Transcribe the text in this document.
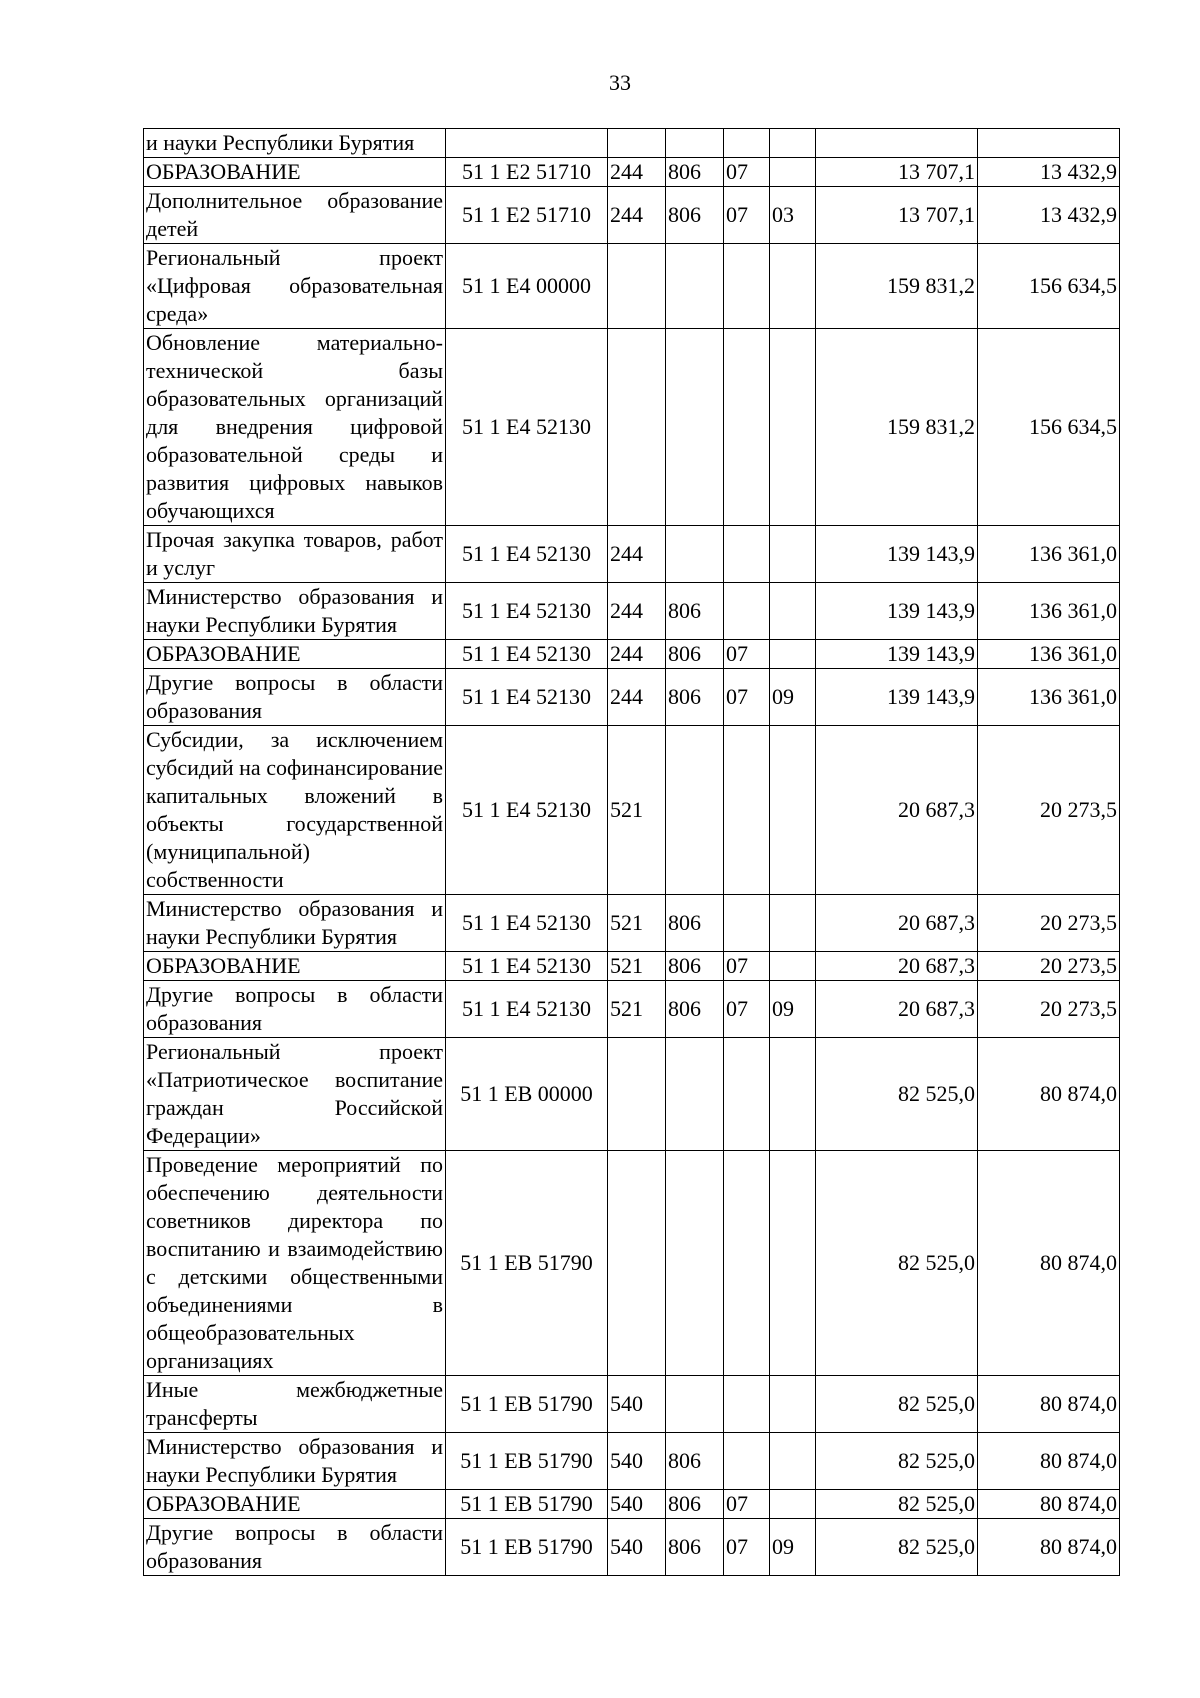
33
и науки Республики Бурятия							
ОБРАЗОВАНИЕ	51 1 E2 51710	244	806	07		13 707,1	13 432,9
Дополнительное образование детей	51 1 E2 51710	244	806	07	03	13 707,1	13 432,9
Региональный проект «Цифровая образовательная среда»	51 1 E4 00000					159 831,2	156 634,5
Обновление материально-технической базы образовательных организаций для внедрения цифровой образовательной среды и развития цифровых навыков обучающихся	51 1 E4 52130					159 831,2	156 634,5
Прочая закупка товаров, работ и услуг	51 1 E4 52130	244				139 143,9	136 361,0
Министерство образования и науки Республики Бурятия	51 1 E4 52130	244	806			139 143,9	136 361,0
ОБРАЗОВАНИЕ	51 1 E4 52130	244	806	07		139 143,9	136 361,0
Другие вопросы в области образования	51 1 E4 52130	244	806	07	09	139 143,9	136 361,0
Субсидии, за исключением субсидий на софинансирование капитальных вложений в объекты государственной (муниципальной) собственности	51 1 E4 52130	521				20 687,3	20 273,5
Министерство образования и науки Республики Бурятия	51 1 E4 52130	521	806			20 687,3	20 273,5
ОБРАЗОВАНИЕ	51 1 E4 52130	521	806	07		20 687,3	20 273,5
Другие вопросы в области образования	51 1 E4 52130	521	806	07	09	20 687,3	20 273,5
Региональный проект «Патриотическое воспитание граждан Российской Федерации»	51 1 EB 00000					82 525,0	80 874,0
Проведение мероприятий по обеспечению деятельности советников директора по воспитанию и взаимодействию с детскими общественными объединениями в общеобразовательных организациях	51 1 EB 51790					82 525,0	80 874,0
Иные межбюджетные трансферты	51 1 EB 51790	540				82 525,0	80 874,0
Министерство образования и науки Республики Бурятия	51 1 EB 51790	540	806			82 525,0	80 874,0
ОБРАЗОВАНИЕ	51 1 EB 51790	540	806	07		82 525,0	80 874,0
Другие вопросы в области образования	51 1 EB 51790	540	806	07	09	82 525,0	80 874,0
